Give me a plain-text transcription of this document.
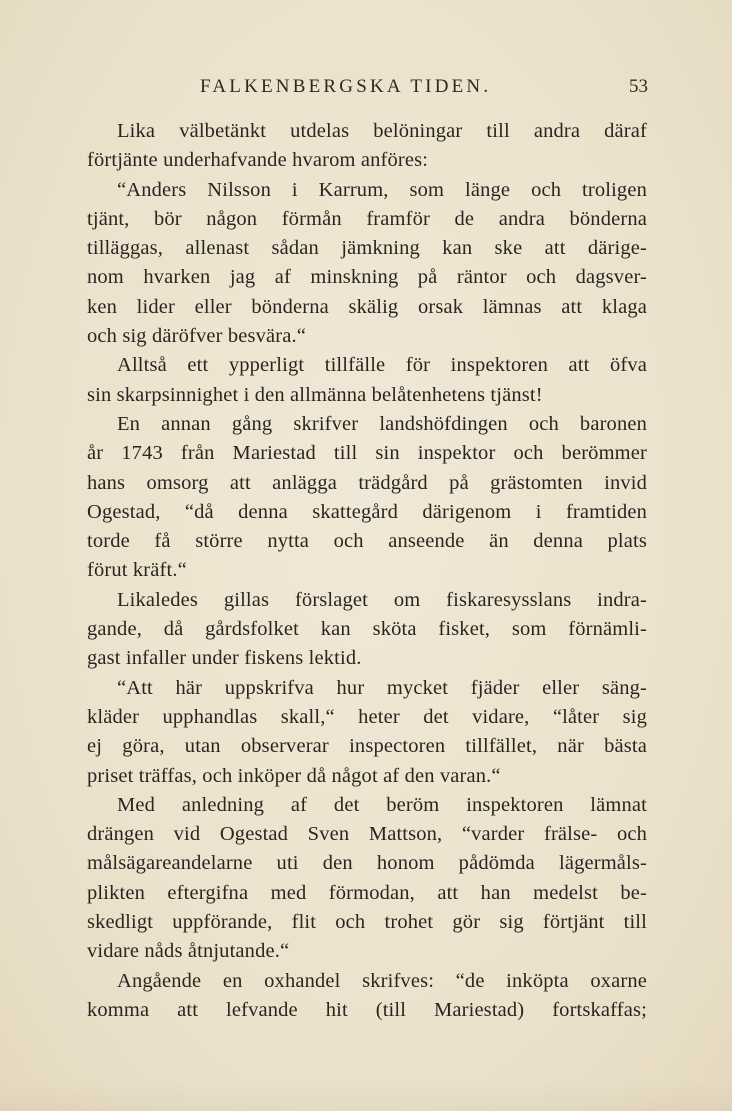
FALKENBERGSKA TIDEN.	53
Lika välbetänkt utdelas belöningar till andra däraf
förtjänte underhafvande hvarom anföres:
“Anders Nilsson i Karrum, som länge och troligen
tjänt, bör någon förmån framför de andra bönderna
tilläggas, allenast sådan jämkning kan ske att därige-
nom hvarken jag af minskning på räntor och dagsver-
ken lider eller bönderna skälig orsak lämnas att klaga
och sig däröfver besvära.“
Alltså ett ypperligt tillfälle för inspektoren att öfva
sin skarpsinnighet i den allmänna belåtenhetens tjänst!
En annan gång skrifver landshöfdingen och baronen
år 1743 från Mariestad till sin inspektor och berömmer
hans omsorg att anlägga trädgård på grästomten invid
Ogestad, “då denna skattegård därigenom i framtiden
torde få större nytta och anseende än denna plats
förut kräft.“
Likaledes gillas förslaget om fiskaresysslans indra-
gande, då gårdsfolket kan sköta fisket, som förnämli-
gast infaller under fiskens lektid.
“Att här uppskrifva hur mycket fjäder eller säng-
kläder upphandlas skall,“ heter det vidare, “låter sig
ej göra, utan observerar inspectoren tillfället, när bästa
priset träffas, och inköper då något af den varan.“
Med anledning af det beröm inspektoren lämnat
drängen vid Ogestad Sven Mattson, “varder frälse- och
målsägareandelarne uti den honom pådömda lägermåls-
plikten eftergifna med förmodan, att han medelst be-
skedligt uppförande, flit och trohet gör sig förtjänt till
vidare nåds åtnjutande.“
Angående en oxhandel skrifves: “de inköpta oxarne
komma att lefvande hit (till Mariestad) fortskaffas;
